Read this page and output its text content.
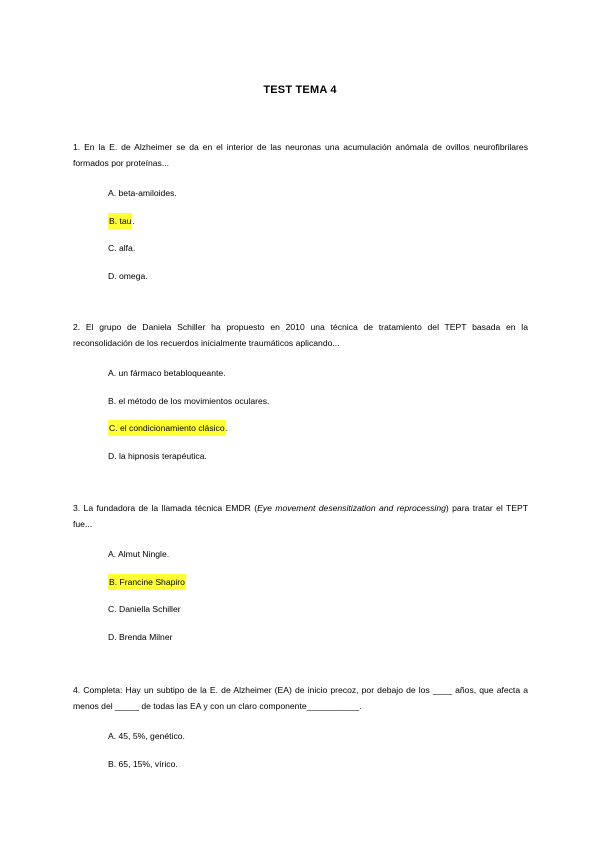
TEST TEMA 4

1. En la E. de Alzheimer se da en el interior de las neuronas una acumulación anómala de ovillos neurofibrilares formados por proteínas...

A. beta-amiloides.
B. tau.
C. alfa.
D. omega.

2. El grupo de Daniela Schiller ha propuesto en 2010 una técnica de tratamiento del TEPT basada en la reconsolidación de los recuerdos inicialmente traumáticos aplicando...

A. un fármaco betabloqueante.
B. el método de los movimientos oculares.
C. el condicionamiento clásico.
D. la hipnosis terapéutica.

3. La fundadora de la llamada técnica EMDR (Eye movement desensitization and reprocessing) para tratar el TEPT fue...

A. Almut Ningle.
B. Francine Shapiro
C. Daniella Schiller
D. Brenda Milner

4. Completa: Hay un subtipo de la E. de Alzheimer (EA) de inicio precoz, por debajo de los ____ años, que afecta a menos del _____ de todas las EA y con un claro componente___________.

A. 45, 5%, genético.
B. 65, 15%, vírico.
